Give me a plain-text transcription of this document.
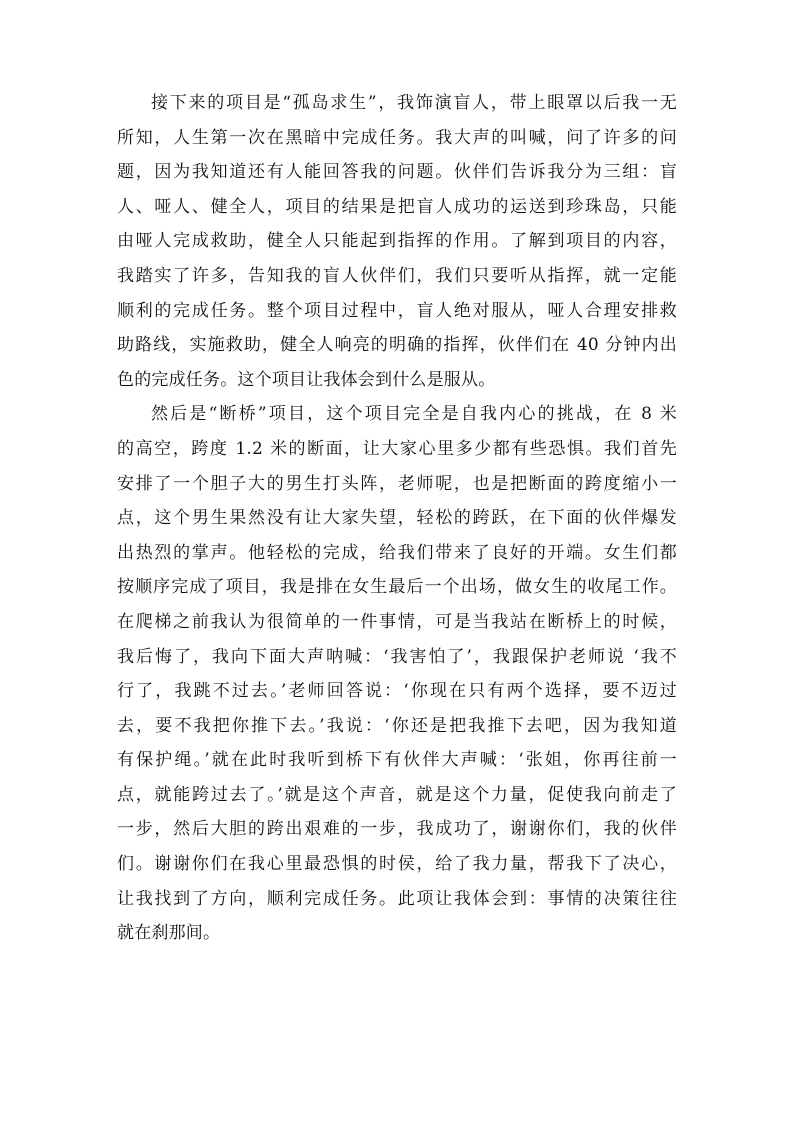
接下来的项目是“孤岛求生”，我饰演盲人，带上眼罩以后我一无
所知，人生第一次在黑暗中完成任务。我大声的叫喊，问了许多的问
题，因为我知道还有人能回答我的问题。伙伴们告诉我分为三组：盲
人、哑人、健全人，项目的结果是把盲人成功的运送到珍珠岛，只能
由哑人完成救助，健全人只能起到指挥的作用。了解到项目的内容，
我踏实了许多，告知我的盲人伙伴们，我们只要听从指挥，就一定能
顺利的完成任务。整个项目过程中，盲人绝对服从，哑人合理安排救
助路线，实施救助，健全人响亮的明确的指挥，伙伴们在 40 分钟内出
色的完成任务。这个项目让我体会到什么是服从。
然后是“断桥”项目，这个项目完全是自我内心的挑战，在 8 米
的高空，跨度 1.2 米的断面，让大家心里多少都有些恐惧。我们首先
安排了一个胆子大的男生打头阵，老师呢，也是把断面的跨度缩小一
点，这个男生果然没有让大家失望，轻松的跨跃，在下面的伙伴爆发
出热烈的掌声。他轻松的完成，给我们带来了良好的开端。女生们都
按顺序完成了项目，我是排在女生最后一个出场，做女生的收尾工作。
在爬梯之前我认为很简单的一件事情，可是当我站在断桥上的时候，
我后悔了，我向下面大声呐喊：‘我害怕了’，我跟保护老师说 ‘我不
行了，我跳不过去。’老师回答说：‘你现在只有两个选择，要不迈过
去，要不我把你推下去。’我说：‘你还是把我推下去吧，因为我知道
有保护绳。’就在此时我听到桥下有伙伴大声喊：‘张姐，你再往前一
点，就能跨过去了。’就是这个声音，就是这个力量，促使我向前走了
一步，然后大胆的跨出艰难的一步，我成功了，谢谢你们，我的伙伴
们。谢谢你们在我心里最恐惧的时侯，给了我力量，帮我下了决心，
让我找到了方向，顺利完成任务。此项让我体会到：事情的决策往往
就在刹那间。
